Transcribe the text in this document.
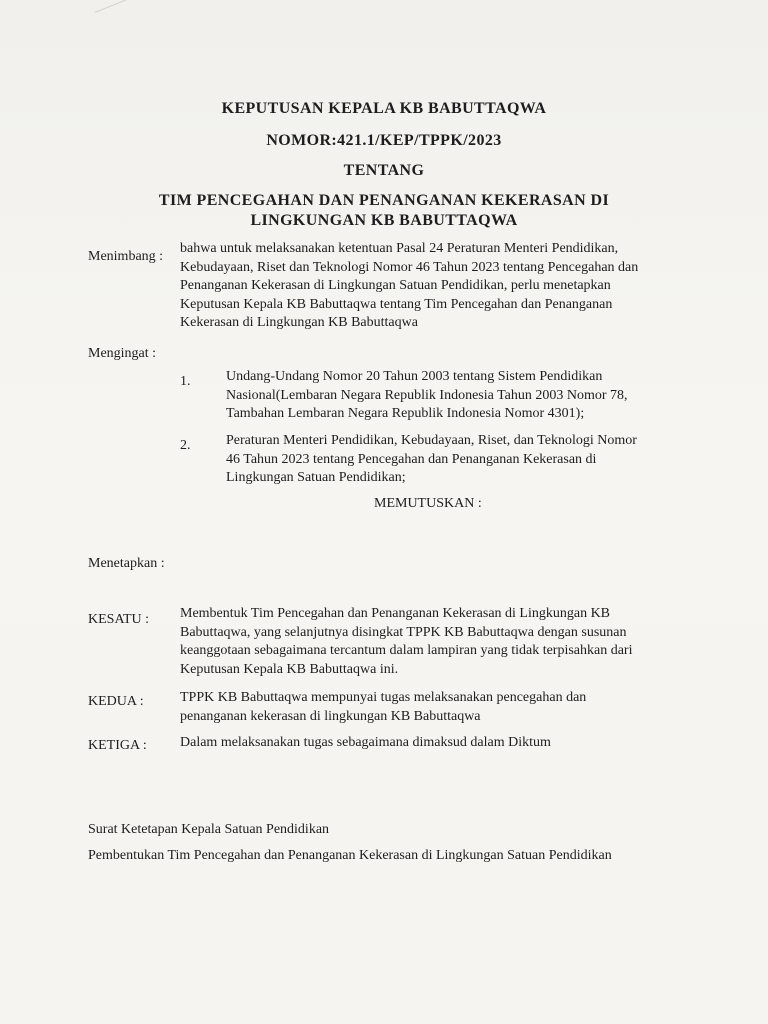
KEPUTUSAN KEPALA KB BABUTTAQWA
NOMOR:421.1/KEP/TPPK/2023
TENTANG
TIM PENCEGAHAN DAN PENANGANAN KEKERASAN DI
LINGKUNGAN KB BABUTTAQWA
Menimbang :
bahwa untuk melaksanakan ketentuan Pasal 24 Peraturan Menteri Pendidikan,
Kebudayaan, Riset dan Teknologi Nomor 46 Tahun 2023 tentang Pencegahan dan
Penanganan Kekerasan di Lingkungan Satuan Pendidikan, perlu menetapkan
Keputusan Kepala KB Babuttaqwa tentang Tim Pencegahan dan Penanganan
Kekerasan di Lingkungan KB Babuttaqwa
Mengingat :
1.	Undang-Undang Nomor 20 Tahun 2003 tentang Sistem Pendidikan
Nasional(Lembaran Negara Republik Indonesia Tahun 2003 Nomor 78,
Tambahan Lembaran Negara Republik Indonesia Nomor 4301);
2.	Peraturan Menteri Pendidikan, Kebudayaan, Riset, dan Teknologi Nomor
46 Tahun 2023 tentang Pencegahan dan Penanganan Kekerasan di
Lingkungan Satuan Pendidikan;
MEMUTUSKAN :
Menetapkan :
KESATU : Membentuk Tim Pencegahan dan Penanganan Kekerasan di Lingkungan KB
Babuttaqwa, yang selanjutnya disingkat TPPK KB Babuttaqwa dengan susunan
keanggotaan sebagaimana tercantum dalam lampiran yang tidak terpisahkan dari
Keputusan Kepala KB Babuttaqwa ini.
KEDUA :	TPPK KB Babuttaqwa mempunyai tugas melaksanakan pencegahan dan
penanganan kekerasan di lingkungan KB Babuttaqwa
KETIGA : Dalam melaksanakan tugas sebagaimana dimaksud dalam Diktum
Surat Ketetapan Kepala Satuan Pendidikan
Pembentukan Tim Pencegahan dan Penanganan Kekerasan di Lingkungan Satuan Pendidikan
